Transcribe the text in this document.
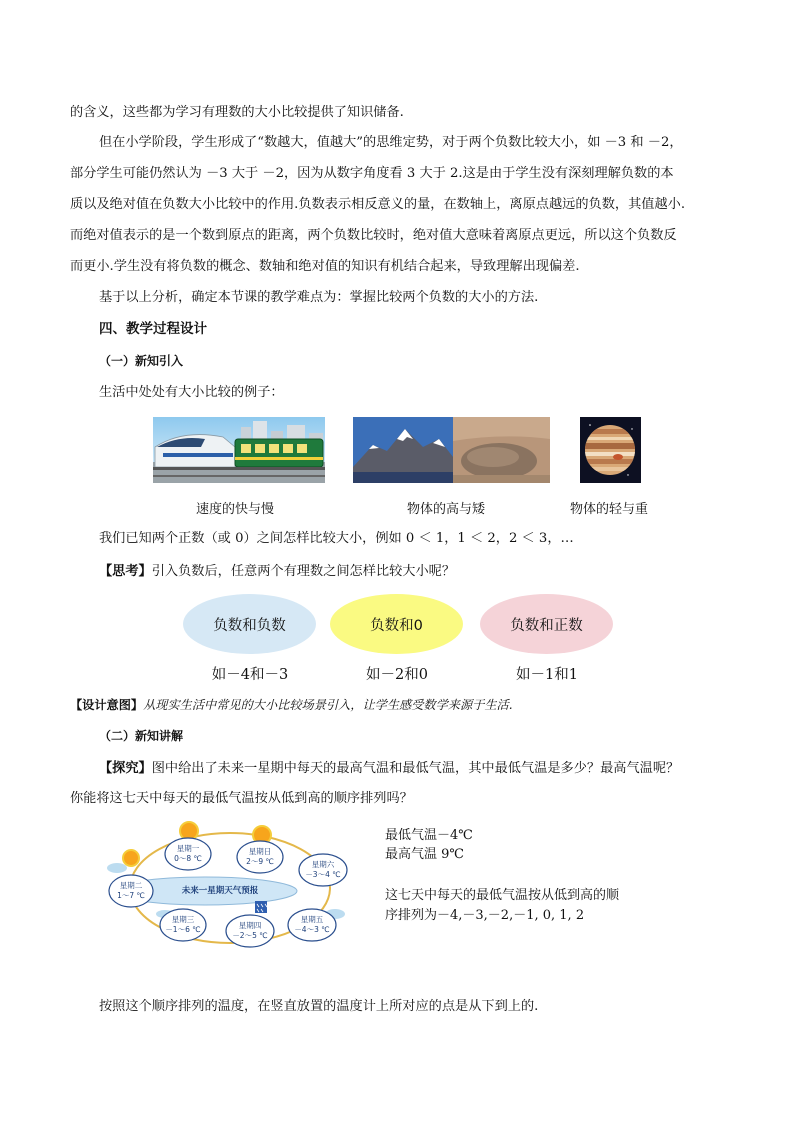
的含义，这些都为学习有理数的大小比较提供了知识储备.
但在小学阶段，学生形成了“数越大，值越大”的思维定势，对于两个负数比较大小，如 －3 和 －2，
部分学生可能仍然认为 －3 大于 －2，因为从数字角度看 3 大于 2.这是由于学生没有深刻理解负数的本
质以及绝对值在负数大小比较中的作用.负数表示相反意义的量，在数轴上，离原点越远的负数，其值越小.
而绝对值表示的是一个数到原点的距离，两个负数比较时，绝对值大意味着离原点更远，所以这个负数反
而更小.学生没有将负数的概念、数轴和绝对值的知识有机结合起来，导致理解出现偏差.
基于以上分析，确定本节课的教学难点为：掌握比较两个负数的大小的方法.
四、教学过程设计
（一）新知引入
生活中处处有大小比较的例子：
速度的快与慢	物体的高与矮	物体的轻与重
我们已知两个正数（或 0）之间怎样比较大小，例如 0 ＜ 1，1 ＜ 2，2 ＜ 3，…
【思考】引入负数后，任意两个有理数之间怎样比较大小呢？
负数和负数	负数和0	负数和正数
如－4和－3	如－2和0	如－1和1
【设计意图】从现实生活中常见的大小比较场景引入，让学生感受数学来源于生活.
（二）新知讲解
【探究】图中给出了未来一星期中每天的最高气温和最低气温，其中最低气温是多少？最高气温呢？
你能将这七天中每天的最低气温按从低到高的顺序排列吗？
未来一星期天气预报
星期一
0～8 ℃
星期日
2～9 ℃	星期六
－3～4 ℃
星期二
1～7 ℃
星期三
－1～6 ℃	星期四
－2～5 ℃
星期五
－4～3 ℃
最低气温－4℃
最高气温 9℃
这七天中每天的最低气温按从低到高的顺
序排列为－4,－3,－2,－1, 0, 1, 2
按照这个顺序排列的温度，在竖直放置的温度计上所对应的点是从下到上的.
